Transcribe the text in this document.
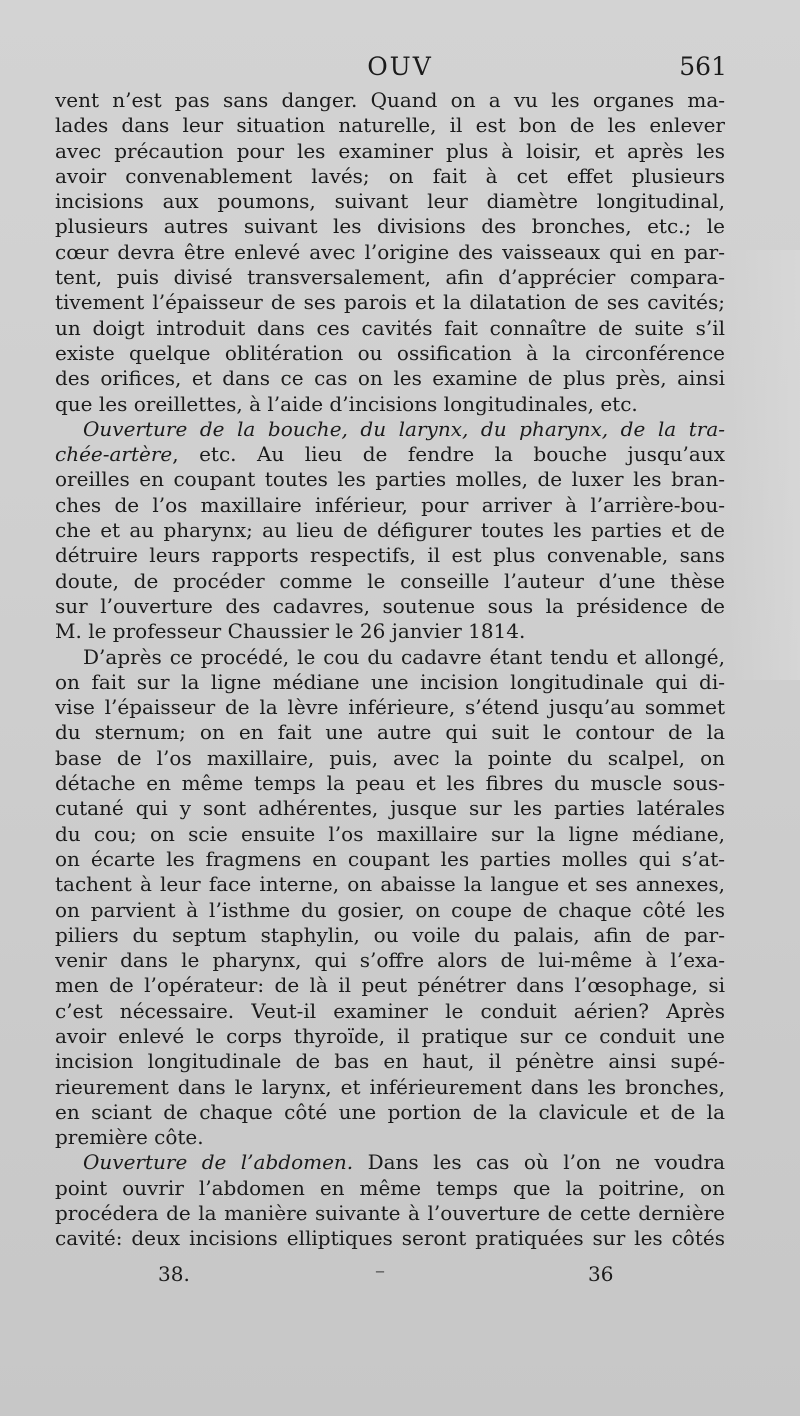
OUV	561
vent n’est pas sans danger. Quand on a vu les organes ma-
lades dans leur situation naturelle, il est bon de les enlever
avec précaution pour les examiner plus à loisir, et après les
avoir convenablement lavés; on fait à cet effet plusieurs
incisions aux poumons, suivant leur diamètre longitudinal,
plusieurs autres suivant les divisions des bronches, etc.; le
cœur devra être enlevé avec l’origine des vaisseaux qui en par-
tent, puis divisé transversalement, afin d’apprécier compara-
tivement l’épaisseur de ses parois et la dilatation de ses cavités;
un doigt introduit dans ces cavités fait connaître de suite s’il
existe quelque oblitération ou ossification à la circonférence
des orifices, et dans ce cas on les examine de plus près, ainsi
que les oreillettes, à l’aide d’incisions longitudinales, etc.
Ouverture de la bouche, du larynx, du pharynx, de la tra-
chée-artère, etc. Au lieu de fendre la bouche jusqu’aux
oreilles en coupant toutes les parties molles, de luxer les bran-
ches de l’os maxillaire inférieur, pour arriver à l’arrière-bou-
che et au pharynx; au lieu de défigurer toutes les parties et de
détruire leurs rapports respectifs, il est plus convenable, sans
doute, de procéder comme le conseille l’auteur d’une thèse
sur l’ouverture des cadavres, soutenue sous la présidence de
M. le professeur Chaussier le 26 janvier 1814.
D’après ce procédé, le cou du cadavre étant tendu et allongé,
on fait sur la ligne médiane une incision longitudinale qui di-
vise l’épaisseur de la lèvre inférieure, s’étend jusqu’au sommet
du sternum; on en fait une autre qui suit le contour de la
base de l’os maxillaire, puis, avec la pointe du scalpel, on
détache en même temps la peau et les fibres du muscle sous-
cutané qui y sont adhérentes, jusque sur les parties latérales
du cou; on scie ensuite l’os maxillaire sur la ligne médiane,
on écarte les fragmens en coupant les parties molles qui s’at-
tachent à leur face interne, on abaisse la langue et ses annexes,
on parvient à l’isthme du gosier, on coupe de chaque côté les
piliers du septum staphylin, ou voile du palais, afin de par-
venir dans le pharynx, qui s’offre alors de lui-même à l’exa-
men de l’opérateur: de là il peut pénétrer dans l’œsophage, si
c’est nécessaire. Veut-il examiner le conduit aérien? Après
avoir enlevé le corps thyroïde, il pratique sur ce conduit une
incision longitudinale de bas en haut, il pénètre ainsi supé-
rieurement dans le larynx, et inférieurement dans les bronches,
en sciant de chaque côté une portion de la clavicule et de la
première côte.
Ouverture de l’abdomen. Dans les cas où l’on ne voudra
point ouvrir l’abdomen en même temps que la poitrine, on
procédera de la manière suivante à l’ouverture de cette dernière
cavité: deux incisions elliptiques seront pratiquées sur les côtés
38.	–	36
